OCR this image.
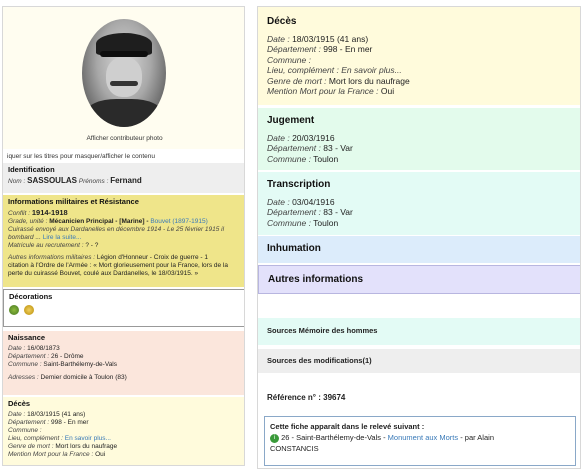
Afficher contributeur photo
iquer sur les titres pour masquer/afficher le contenu
Identification
Nom : SASSOULAS Prénoms : Fernand
Informations militaires et Résistance
Conflit : 1914-1918
Grade, unité : Mécanicien Principal - [Marine] - Bouvet (1897-1915)
Cuirassé envoyé aux Dardanelles en décembre 1914 - Le 25 février 1915 il
bombard ... Lire la suite...
Matricule au recrutement : ? - ?
Autres informations militaires : Légion d'Honneur - Croix de guerre - 1
citation à l'Ordre de l'Armée : « Mort glorieusement pour la France, lors de la
perte du cuirassé Bouvet, coulé aux Dardanelles, le 18/03/1915. »
Décorations

Naissance
Date : 16/08/1873
Département : 26 - Drôme
Commune : Saint-Barthélemy-de-Vals
Adresses : Demier domicile à Toulon (83)
Décès
Date : 18/03/1915 (41 ans)
Département : 998 - En mer
Commune :
Lieu, complément : En savoir plus...
Genre de mort : Mort lors du naufrage
Mention Mort pour la France : Oui
Décès
Date : 18/03/1915 (41 ans)
Département : 998 - En mer
Commune :
Lieu, complément : En savoir plus...
Genre de mort : Mort lors du naufrage
Mention Mort pour la France : Oui
Jugement
Date : 20/03/1916
Département : 83 - Var
Commune : Toulon
Transcription
Date : 03/04/1916
Département : 83 - Var
Commune : Toulon
Inhumation
Autres informations
Sources Mémoire des hommes
Sources des modifications(1)
Référence n° : 39674
Cette fiche apparaît dans le relevé suivant :
i 26 - Saint-Barthélemy-de-Vals - Monument aux Morts - par Alain
CONSTANCIS
